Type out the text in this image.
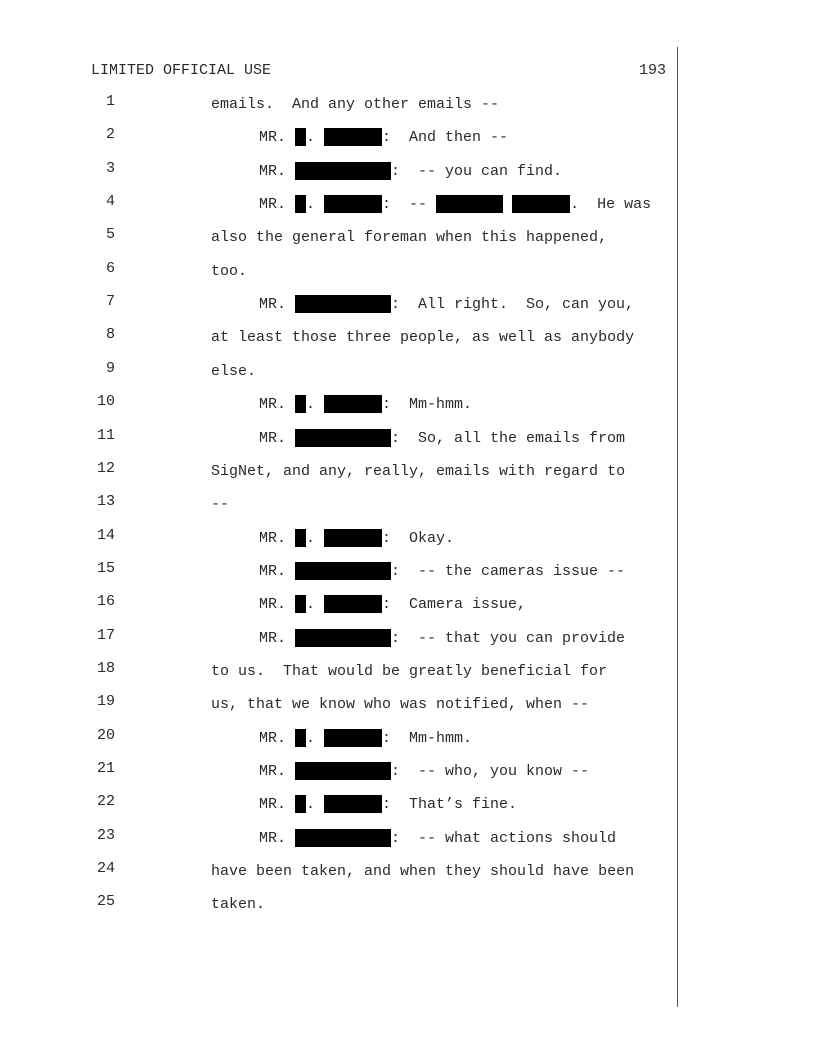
LIMITED OFFICIAL USE	193
1	emails.  And any other emails --
2	MR. .	:  And then --
3	MR.	:  -- you can find.
4	MR. .	:  --
	.  He was
5	also the general foreman when this happened,
6	too.
7	MR.	:  All right.  So, can you,
8	at least those three people, as well as anybody
9	else.
10	MR. .	:  Mm-hmm.
11	MR.	:  So, all the emails from
12	SigNet, and any, really, emails with regard to
13	--
14	MR. .	:  Okay.
15	MR.	:  -- the cameras issue --
16	MR. .	:  Camera issue,
17	MR.	:  -- that you can provide
18	to us.  That would be greatly beneficial for
19	us, that we know who was notified, when --
20	MR. .	:  Mm-hmm.
21	MR.	:  -- who, you know --
22	MR. .	:  That’s fine.
23	MR.	:  -- what actions should
24	have been taken, and when they should have been
25	taken.
